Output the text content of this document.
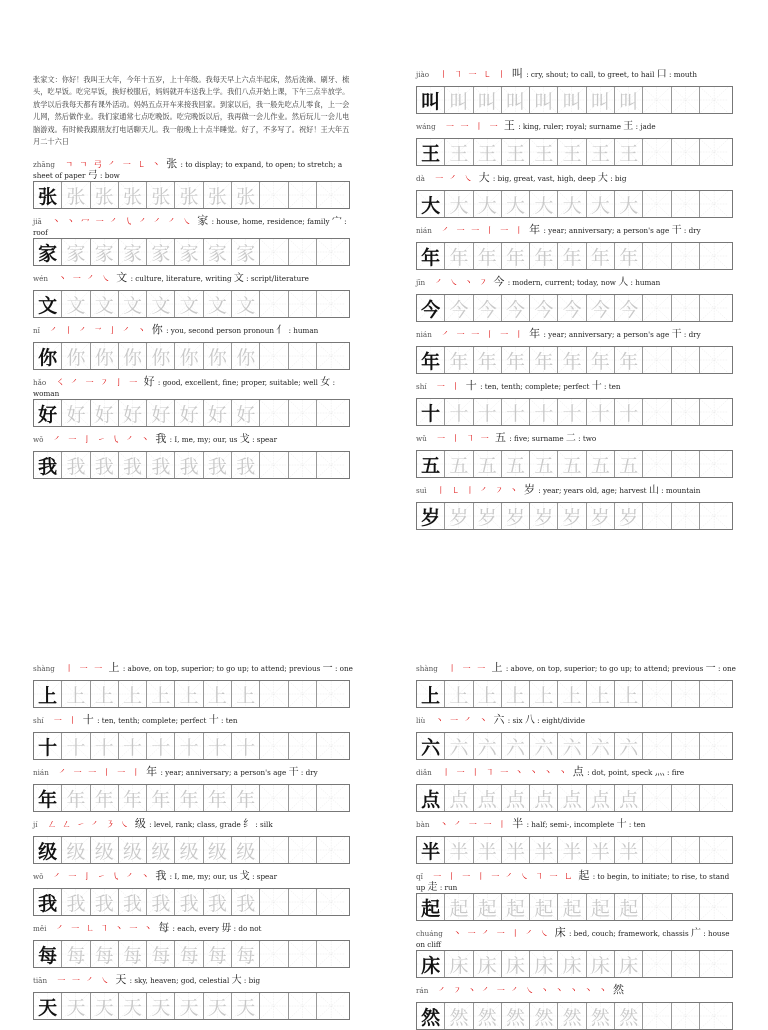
张家文：你好！我叫王大年，今年十五岁，上十年级。我每天早上六点半起床，然后洗澡、刷牙、梳头，吃早饭。吃完早饭，换好校服后，妈妈就开车送我上学。我们八点开始上课，下午三点半放学。放学以后我每天都有课外活动。妈妈五点开车来接我回家。到家以后，我一般先吃点儿零食，上一会儿网，然后做作业。我们家通常七点吃晚饭。吃完晚饭以后，我再做一会儿作业。然后玩儿一会儿电脑游戏。有时候我跟朋友打电话聊天儿。我一般晚上十点半睡觉。好了，不多写了。祝好！王大年五月二十六日
zhāng ㄱ ㄱ 弓 ㇒ 一 ㇄ 丶 张 : to display; to expand, to open; to stretch; a sheet of paper 弓 : bow
张 张 张 张 张 张 张 张
jiā 丶 丶 冖 一 ㇒ ㇂ ㇒ ㇒ ㇒ ㇏ 家 : house, home, residence; family 宀 : roof
家 家 家 家 家 家 家 家
wén 丶 一 ㇒ ㇏ 文 : culture, literature, writing 文 : script/literature
文 文 文 文 文 文 文 文
nǐ ㇒ 丨 ㇒ ㇖ 亅 ㇒ 丶 你 : you, second person pronoun 亻 : human
你 你 你 你 你 你 你 你
hǎo ㇛ ㇒ 一 ㇇ 亅 一 好 : good, excellent, fine; proper, suitable; well 女 : woman
好 好 好 好 好 好 好 好
wǒ ㇒ 一 亅 ㇀ ㇂ ㇒ 丶 我 : I, me, my; our, us 戈 : spear
我 我 我 我 我 我 我 我
jiào 丨 ㇕ 一 ㇄ 丨 叫 : cry, shout; to call, to greet, to hail 口 : mouth
叫 叫 叫 叫 叫 叫 叫 叫
wáng 一 一 丨 一 王 : king, ruler; royal; surname 王 : jade
王 王 王 王 王 王 王 王
dà 一 ㇒ ㇏ 大 : big, great, vast, high, deep 大 : big
大 大 大 大 大 大 大 大
nián ㇒ 一 一 丨 一 丨 年 : year; anniversary; a person's age 干 : dry
年 年 年 年 年 年 年 年
jīn ㇒ ㇏ 丶 ㇇ 今 : modern, current; today, now 人 : human
今 今 今 今 今 今 今 今
nián ㇒ 一 一 丨 一 丨 年 : year; anniversary; a person's age 干 : dry
年 年 年 年 年 年 年 年
shí 一 丨 十 : ten, tenth; complete; perfect 十 : ten
十 十 十 十 十 十 十 十
wǔ 一 丨 ㇕ 一 五 : five; surname 二 : two
五 五 五 五 五 五 五 五
suì 丨 ㇄ 丨 ㇒ ㇇ 丶 岁 : year; years old, age; harvest 山 : mountain
岁 岁 岁 岁 岁 岁 岁 岁
shàng 丨 一 一 上 : above, on top, superior; to go up; to attend; previous 一 : one
上 上 上 上 上 上 上 上
shí 一 丨 十 : ten, tenth; complete; perfect 十 : ten
十 十 十 十 十 十 十 十
nián ㇒ 一 一 丨 一 丨 年 : year; anniversary; a person's age 干 : dry
年 年 年 年 年 年 年 年
jí ㇜ ㇜ ㇀ ㇒ ㇋ ㇏ 级 : level, rank; class, grade 纟 : silk
级 级 级 级 级 级 级 级
wǒ ㇒ 一 亅 ㇀ ㇂ ㇒ 丶 我 : I, me, my; our, us 戈 : spear
我 我 我 我 我 我 我 我
měi ㇒ 一 ㇗ ㇕ 丶 一 丶 每 : each, every 毋 : do not
每 每 每 每 每 每 每 每
tiān 一 一 ㇒ ㇏ 天 : sky, heaven; god, celestial 大 : big
天 天 天 天 天 天 天 天
shàng 丨 一 一 上 : above, on top, superior; to go up; to attend; previous 一 : one
上 上 上 上 上 上 上 上
liù 丶 一 ㇒ 丶 六 : six 八 : eight/divide
六 六 六 六 六 六 六 六
diǎn 丨 一 丨 ㇕ 一 丶 丶 丶 丶 点 : dot, point, speck 灬 : fire
点 点 点 点 点 点 点 点
bàn 丶 ㇒ 一 一 丨 半 : half; semi-, incomplete 十 : ten
半 半 半 半 半 半 半 半
qǐ 一 丨 一 丨 一 ㇒ ㇏ ㇕ 一 ㇟ 起 : to begin, to initiate; to rise, to stand up 走 : run
起 起 起 起 起 起 起 起
chuáng 丶 一 ㇒ 一 丨 ㇒ ㇏ 床 : bed, couch; framework, chassis 广 : house on cliff
床 床 床 床 床 床 床 床
rán ㇒ ㇇ 丶 ㇒ 一 ㇒ ㇏ 丶 丶 丶 丶 丶 然
然 然 然 然 然 然 然 然
